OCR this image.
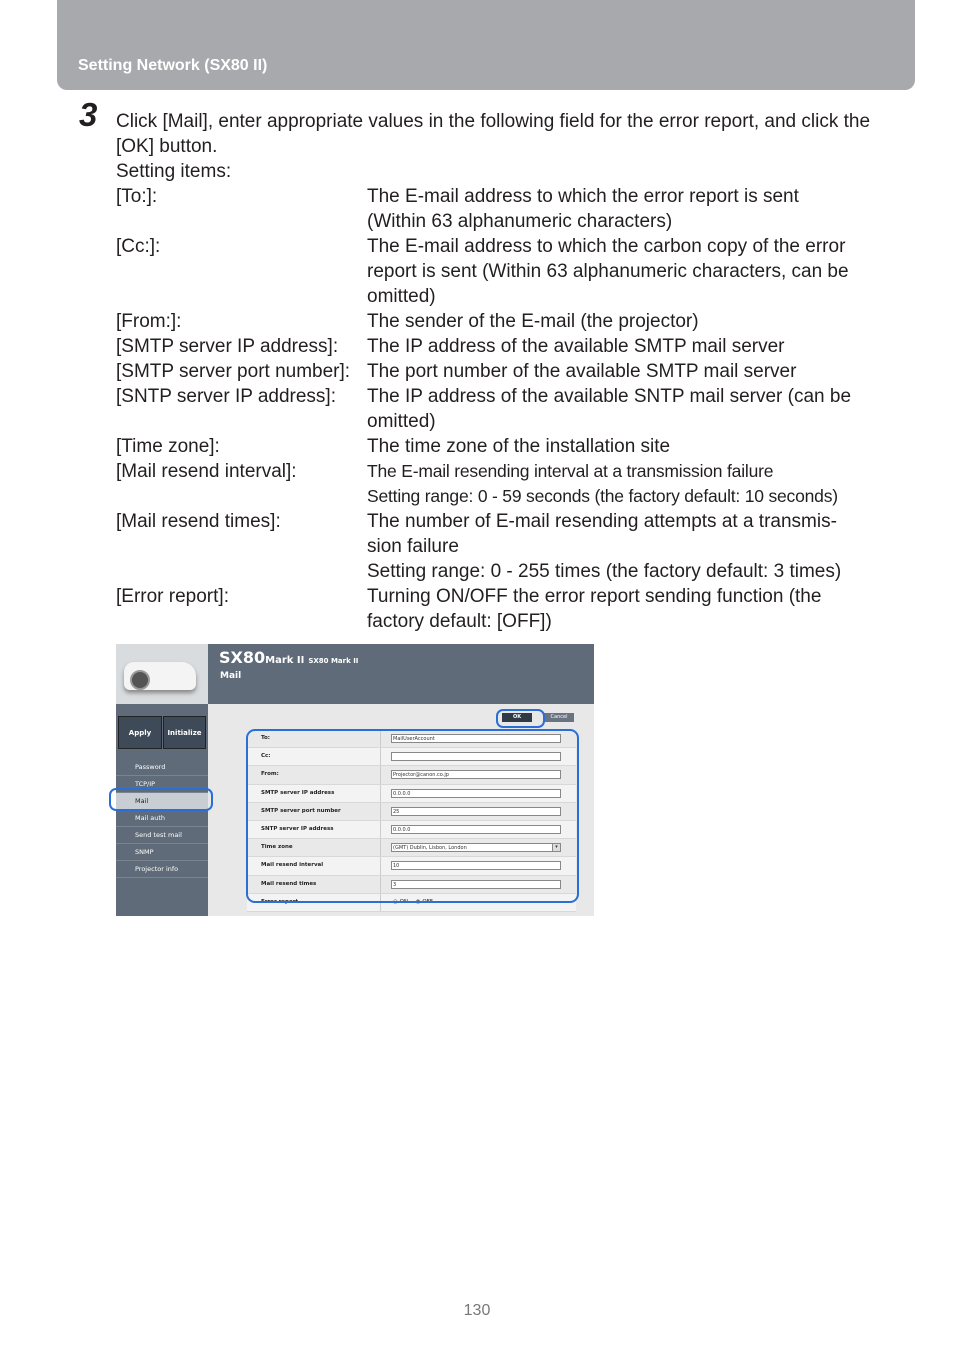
Setting Network (SX80 II)
3 Click [Mail], enter appropriate values in the following field for the error report, and click the [OK] button.
Setting items:
[To:]:	The E-mail address to which the error report is sent
(Within 63 alphanumeric characters)
[Cc:]:	The E-mail address to which the carbon copy of the error
report is sent (Within 63 alphanumeric characters, can be
omitted)
[From:]:	The sender of the E-mail (the projector)
[SMTP server IP address]:	The IP address of the available SMTP mail server
[SMTP server port number]: The port number of the available SMTP mail server
[SNTP server IP address]:	The IP address of the available SNTP mail server (can be
omitted)
[Time zone]:	The time zone of the installation site
[Mail resend interval]:	The E-mail resending interval at a transmission failure
Setting range: 0 - 59 seconds (the factory default: 10 seconds)
[Mail resend times]:	The number of E-mail resending attempts at a transmis-
sion failure
Setting range: 0 - 255 times (the factory default: 3 times)
[Error report]:	Turning ON/OFF the error report sending function (the
factory default: [OFF])
SX80Mark II SX80 Mark II
Mail
Apply	Initialize
Password
TCP/IP
Mail
Mail auth
Send test mail
SNMP
Projector info
OK	Cancel
To:	MailUserAccount
Cc:
From:	Projector@canon.co.jp
SMTP server IP address	0.0.0.0
SMTP server port number	25
SNTP server IP address	0.0.0.0
Time zone	(GMT) Dublin, Lisbon, London	▾
Mail resend interval	10
Mail resend times	3
Error report	○ ON ◉ OFF
130
